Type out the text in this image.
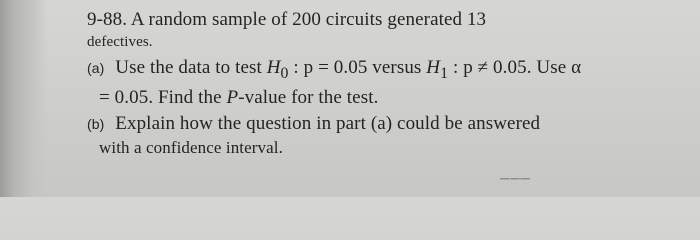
9-88. A random sample of 200 circuits generated 13
defectives.
(a) Use the data to test $H_0$ : p = 0.05 versus $H_1$ : p ≠ 0.05. Use α
= 0.05. Find the P-value for the test.
(b) Explain how the question in part (a) could be answered
with a confidence interval.
▔▔▔
